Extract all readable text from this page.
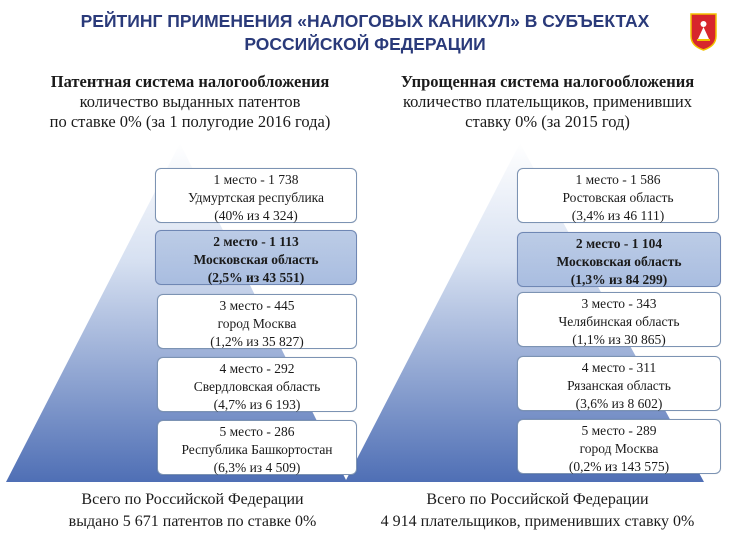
РЕЙТИНГ ПРИМЕНЕНИЯ «НАЛОГОВЫХ КАНИКУЛ» В СУБЪЕКТАХ
РОССИЙСКОЙ ФЕДЕРАЦИИ
Патентная система налогообложения
количество выданных патентов
по ставке 0% (за 1 полугодие 2016 года)
Упрощенная система налогообложения
количество плательщиков, применивших
ставку 0% (за 2015 год)
1 место - 1 738
Удмуртская республика
(40% из 4 324)
2 место - 1 113
Московская область
(2,5% из 43 551)
3 место - 445
город Москва
(1,2% из 35 827)
4 место - 292
Свердловская область
(4,7% из 6 193)
5 место - 286
Республика Башкортостан
(6,3% из 4 509)
1 место - 1 586
Ростовская область
(3,4% из 46 111)
2 место - 1 104
Московская область
(1,3% из 84 299)
3 место - 343
Челябинская область
(1,1% из 30 865)
4 место - 311
Рязанская область
(3,6% из 8 602)
5 место - 289
город Москва
(0,2% из 143 575)
Всего по Российской Федерации
выдано 5 671 патентов по ставке 0%
Всего по Российской Федерации
4 914 плательщиков, применивших ставку 0%
